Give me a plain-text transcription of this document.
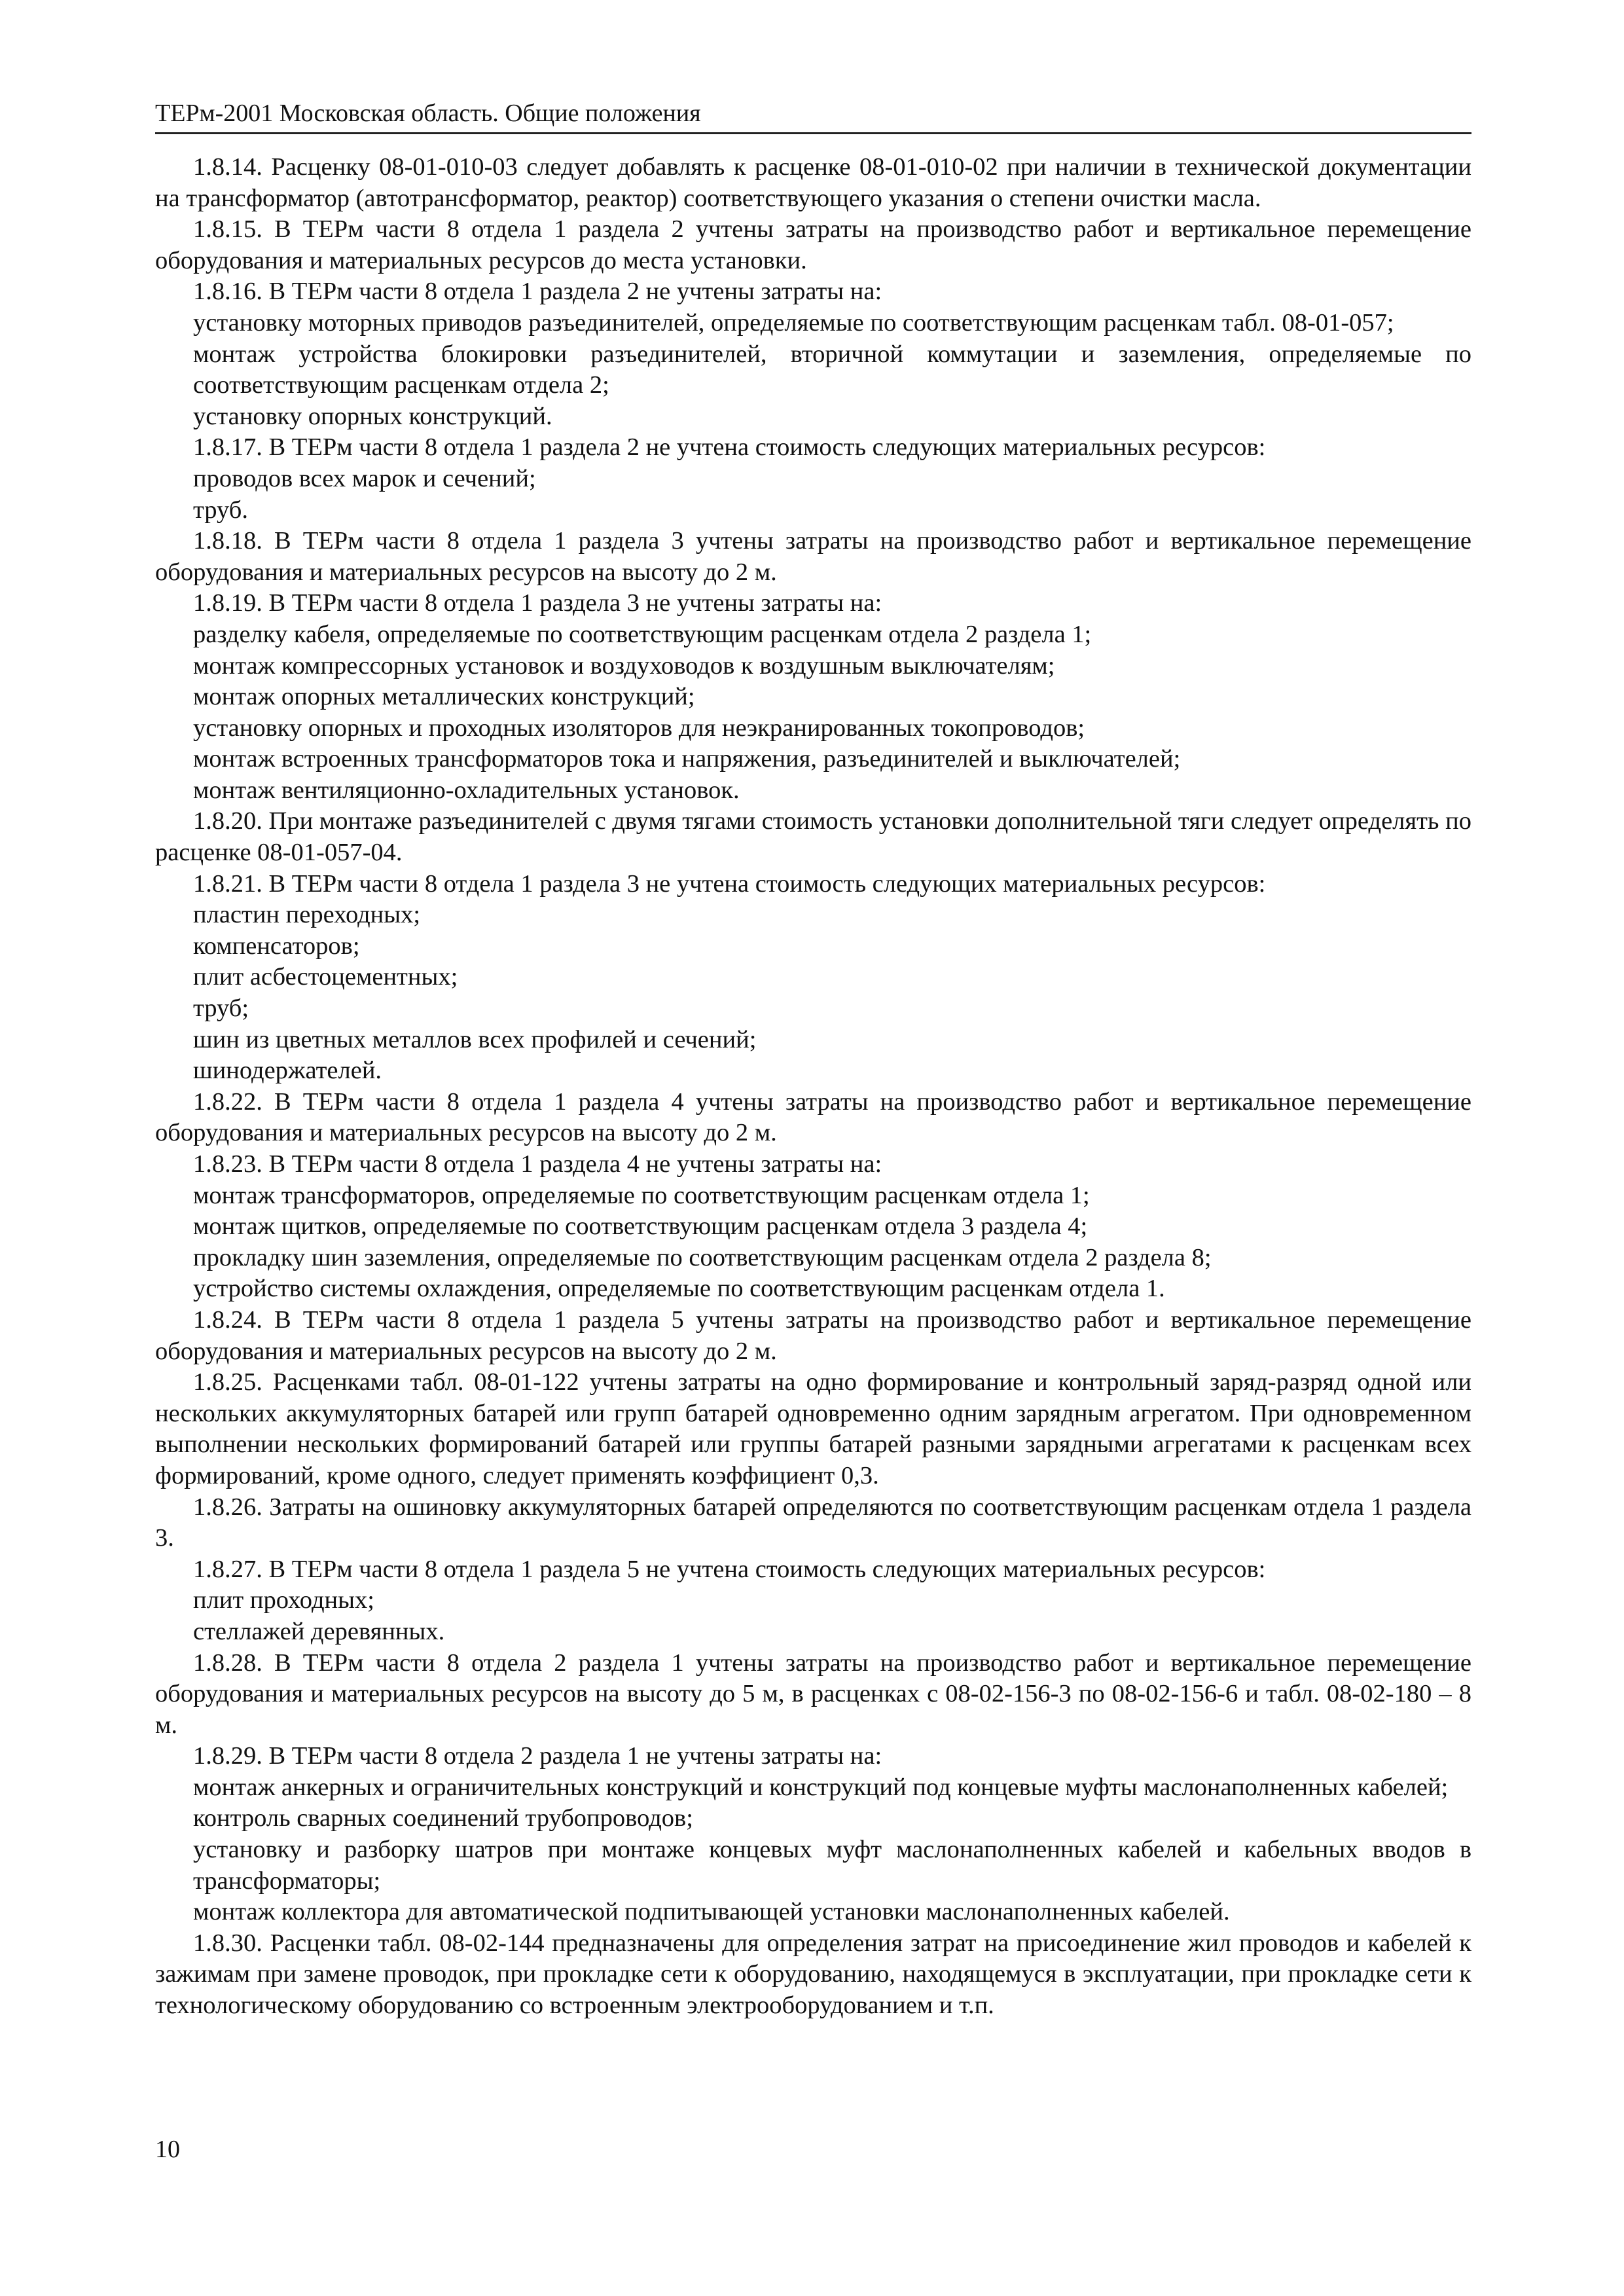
ТЕРм-2001 Московская область. Общие положения

1.8.14. Расценку 08-01-010-03 следует добавлять к расценке 08-01-010-02 при наличии в технической документации на трансформатор (автотрансформатор, реактор) соответствующего указания о степени очистки масла.

1.8.15. В ТЕРм части 8 отдела 1 раздела 2 учтены затраты на производство работ и вертикальное перемещение оборудования и материальных ресурсов до места установки.

1.8.16. В ТЕРм части 8 отдела 1 раздела 2 не учтены затраты на:

установку моторных приводов разъединителей, определяемые по соответствующим расценкам табл. 08-01-057;

монтаж устройства блокировки разъединителей, вторичной коммутации и заземления, определяемые по соответствующим расценкам отдела 2;

установку опорных конструкций.

1.8.17. В ТЕРм части 8 отдела 1 раздела 2 не учтена стоимость следующих материальных ресурсов:

проводов всех марок и сечений;

труб.

1.8.18. В ТЕРм части 8 отдела 1 раздела 3 учтены затраты на производство работ и вертикальное перемещение оборудования и материальных ресурсов на высоту до 2 м.

1.8.19. В ТЕРм части 8 отдела 1 раздела 3 не учтены затраты на:

разделку кабеля, определяемые по соответствующим расценкам отдела 2 раздела 1;

монтаж компрессорных установок и воздуховодов к воздушным выключателям;

монтаж опорных металлических конструкций;

установку опорных и проходных изоляторов для неэкранированных токопроводов;

монтаж встроенных трансформаторов тока и напряжения, разъединителей и выключателей;

монтаж вентиляционно-охладительных установок.

1.8.20. При монтаже разъединителей с двумя тягами стоимость установки дополнительной тяги следует определять по расценке 08-01-057-04.

1.8.21. В ТЕРм части 8 отдела 1 раздела 3 не учтена стоимость следующих материальных ресурсов:

пластин переходных;

компенсаторов;

плит асбестоцементных;

труб;

шин из цветных металлов всех профилей и сечений;

шинодержателей.

1.8.22. В ТЕРм части 8 отдела 1 раздела 4 учтены затраты на производство работ и вертикальное перемещение оборудования и материальных ресурсов на высоту до 2 м.

1.8.23. В ТЕРм части 8 отдела 1 раздела 4 не учтены затраты на:

монтаж трансформаторов, определяемые по соответствующим расценкам отдела 1;

монтаж щитков, определяемые по соответствующим расценкам отдела 3 раздела 4;

прокладку шин заземления, определяемые по соответствующим расценкам отдела 2 раздела 8;

устройство системы охлаждения, определяемые по соответствующим расценкам отдела 1.

1.8.24. В ТЕРм части 8 отдела 1 раздела 5 учтены затраты на производство работ и вертикальное перемещение оборудования и материальных ресурсов на высоту до 2 м.

1.8.25. Расценками табл. 08-01-122 учтены затраты на одно формирование и контрольный заряд-разряд одной или нескольких аккумуляторных батарей или групп батарей одновременно одним зарядным агрегатом. При одновременном выполнении нескольких формирований батарей или группы батарей разными зарядными агрегатами к расценкам всех формирований, кроме одного, следует применять коэффициент 0,3.

1.8.26. Затраты на ошиновку аккумуляторных батарей определяются по соответствующим расценкам отдела 1 раздела 3.

1.8.27. В ТЕРм части 8 отдела 1 раздела 5 не учтена стоимость следующих материальных ресурсов:

плит проходных;

стеллажей деревянных.

1.8.28. В ТЕРм части 8 отдела 2 раздела 1 учтены затраты на производство работ и вертикальное перемещение оборудования и материальных ресурсов на высоту до 5 м, в расценках с 08-02-156-3 по 08-02-156-6 и табл. 08-02-180 – 8 м.

1.8.29. В ТЕРм части 8 отдела 2 раздела 1 не учтены затраты на:

монтаж анкерных и ограничительных конструкций и конструкций под концевые муфты маслонаполненных кабелей;

контроль сварных соединений трубопроводов;

установку и разборку шатров при монтаже концевых муфт маслонаполненных кабелей и кабельных вводов в трансформаторы;

монтаж коллектора для автоматической подпитывающей установки маслонаполненных кабелей.

1.8.30. Расценки табл. 08-02-144 предназначены для определения затрат на присоединение жил проводов и кабелей к зажимам при замене проводок, при прокладке сети к оборудованию, находящемуся в эксплуатации, при прокладке сети к технологическому оборудованию со встроенным электрооборудованием и т.п.

10
